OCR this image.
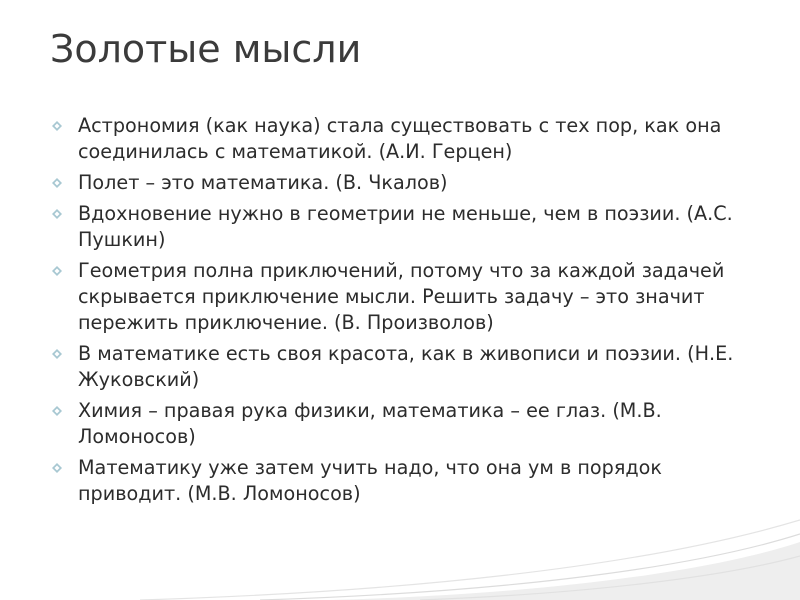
Золотые мысли
Астрономия (как наука) стала существовать с тех пор, как она соединилась с математикой. (А.И. Герцен)
Полет – это математика. (В. Чкалов)
Вдохновение нужно в геометрии не меньше, чем в поэзии. (А.С. Пушкин)
Геометрия полна приключений, потому что за каждой задачей скрывается приключение мысли. Решить задачу – это значит пережить приключение. (В. Произволов)
В математике есть своя красота, как в живописи и поэзии. (Н.Е. Жуковский)
Химия – правая рука физики, математика – ее глаз. (М.В. Ломоносов)
Математику уже затем учить надо, что она ум в порядок приводит. (М.В. Ломоносов)
